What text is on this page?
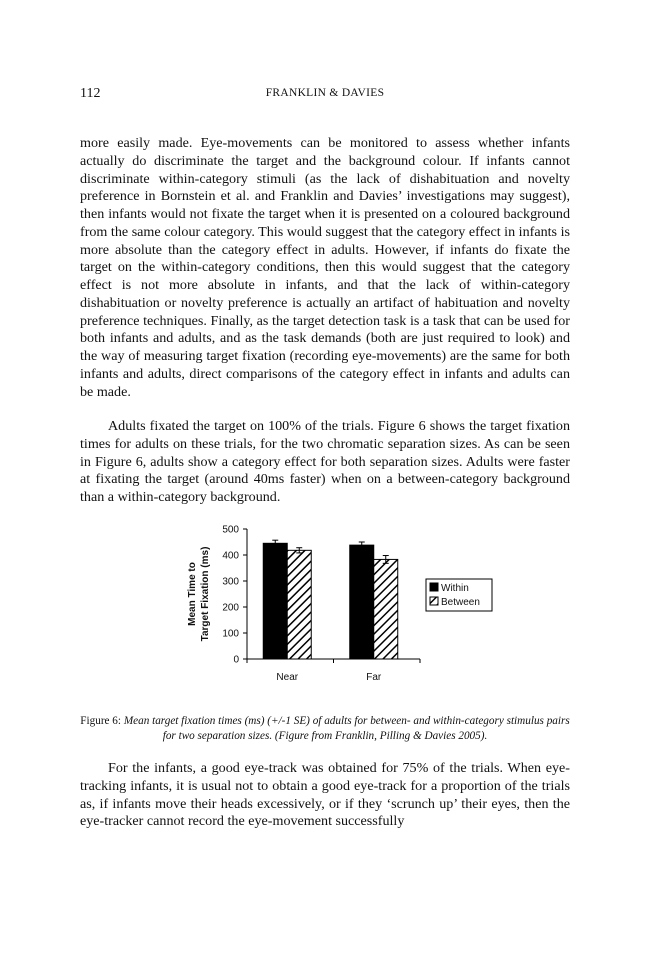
112	FRANKLIN & DAVIES

more easily made. Eye-movements can be monitored to assess whether infants actually do discriminate the target and the background colour. If infants cannot discriminate within-category stimuli (as the lack of dishabituation and novelty preference in Bornstein et al. and Franklin and Davies’ investigations may suggest), then infants would not fixate the target when it is presented on a coloured background from the same colour category. This would suggest that the category effect in infants is more absolute than the category effect in adults. However, if infants do fixate the target on the within-category conditions, then this would suggest that the category effect is not more absolute in infants, and that the lack of within-category dishabituation or novelty preference is actually an artifact of habituation and novelty preference techniques. Finally, as the target detection task is a task that can be used for both infants and adults, and as the task demands (both are just required to look) and the way of measuring target fixation (recording eye-movements) are the same for both infants and adults, direct comparisons of the category effect in infants and adults can be made.

Adults fixated the target on 100% of the trials. Figure 6 shows the target fixation times for adults on these trials, for the two chromatic separation sizes. As can be seen in Figure 6, adults show a category effect for both separation sizes. Adults were faster at fixating the target (around 40ms faster) when on a between-category background than a within-category background.

0
100
200
300
400
500
Near	Far
Mean Time to Target Fixation (ms)	Within
Between
Figure 6: Mean target fixation times (ms) (+/-1 SE) of adults for between- and within-category stimulus pairs for two separation sizes. (Figure from Franklin, Pilling & Davies 2005).

For the infants, a good eye-track was obtained for 75% of the trials. When eye-tracking infants, it is usual not to obtain a good eye-track for a proportion of the trials as, if infants move their heads excessively, or if they ‘scrunch up’ their eyes, then the eye-tracker cannot record the eye-movement successfully
